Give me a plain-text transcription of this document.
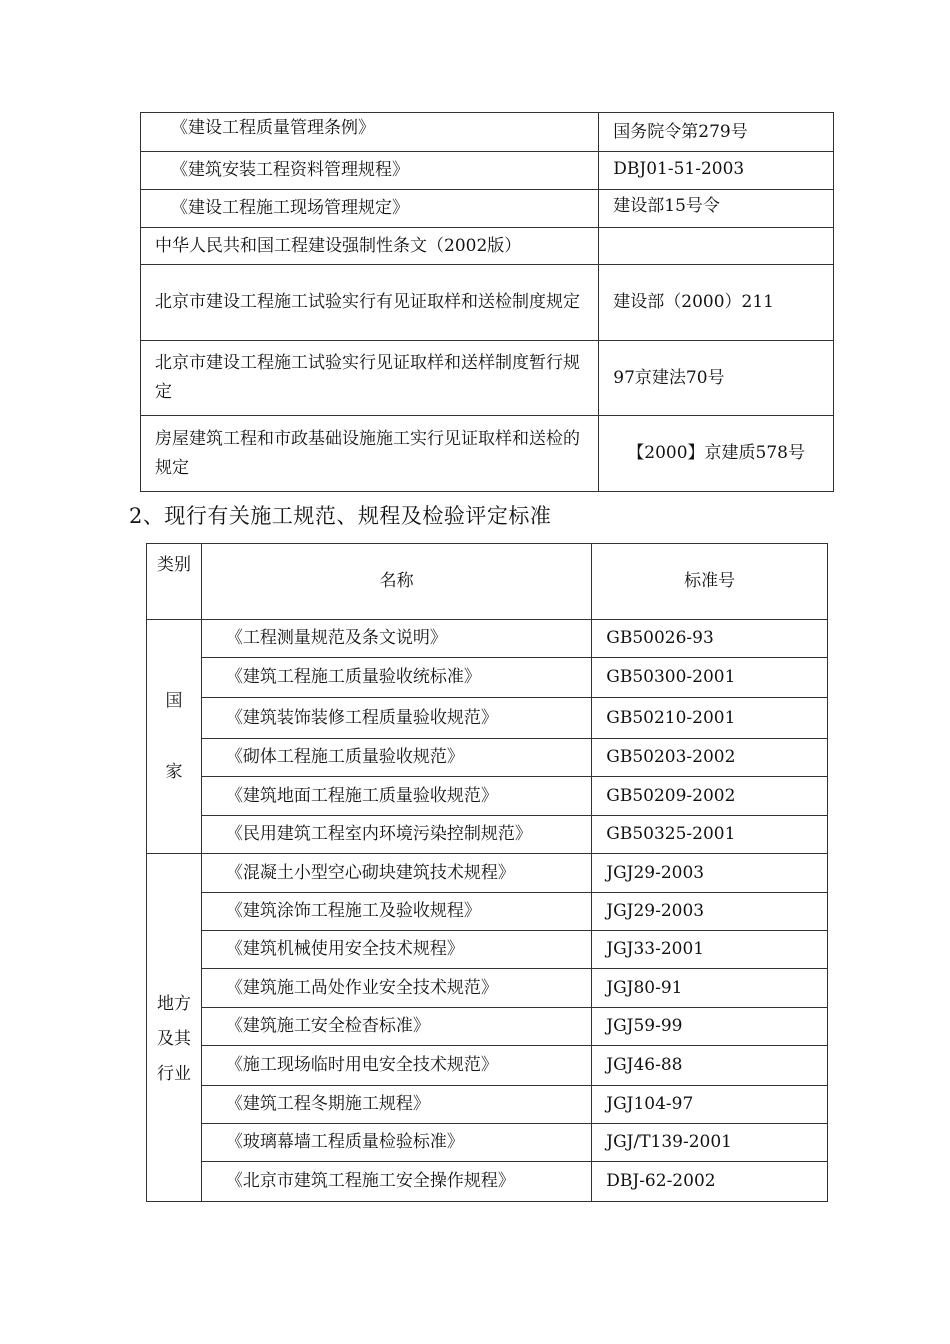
《建设工程质量管理条例》	国务院令第279号
《建筑安装工程资料管理规程》	DBJ01-51-2003
《建设工程施工现场管理规定》	建设部15号令
中华人民共和国工程建设强制性条文（2002版）	
北京市建设工程施工试验实行有见证取样和送检制度规定	建设部（2000）211
北京市建设工程施工试验实行见证取样和送样制度暂行规定	97京建法70号
房屋建筑工程和市政基础设施施工实行见证取样和送检的规定	【2000】京建质578号
2、现行有关施工规范、规程及检验评定标准
类别	名称	标准号

国
家	《工程测量规范及条文说明》	GB50026-93
	《建筑工程施工质量验收统标准》	GB50300-2001
	《建筑装饰装修工程质量验收规范》	GB50210-2001
	《砌体工程施工质量验收规范》	GB50203-2002
	《建筑地面工程施工质量验收规范》	GB50209-2002
	《民用建筑工程室内环境污染控制规范》	GB50325-2001

地方
及其
行业	《混凝土小型空心砌块建筑技术规程》	JGJ29-2003
	《建筑涂饰工程施工及验收规程》	JGJ29-2003
	《建筑机械使用安全技术规程》	JGJ33-2001
	《建筑施工咼处作业安全技术规范》	JGJ80-91
	《建筑施工安全检杳标准》	JGJ59-99
	《施工现场临时用电安全技术规范》	JGJ46-88
	《建筑工程冬期施工规程》	JGJ104-97
	《玻璃幕墙工程质量检验标准》	JGJ/T139-2001
	《北京市建筑工程施工安全操作规程》	DBJ-62-2002
